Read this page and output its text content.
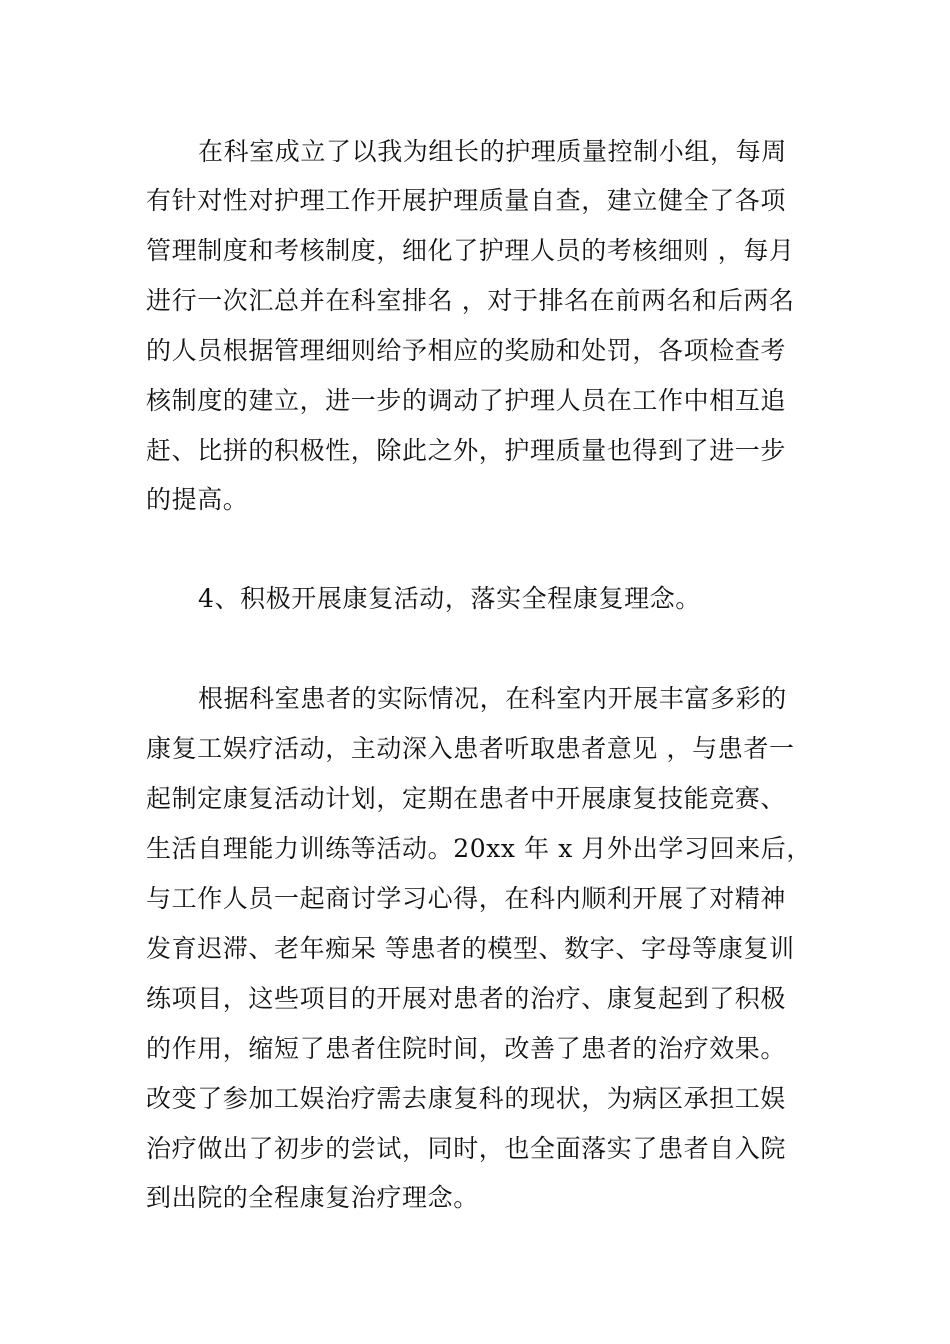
在科室成立了以我为组长的护理质量控制小组，每周
有针对性对护理工作开展护理质量自查，建立健全了各项
管理制度和考核制度，细化了护理人员的考核细则 ，每月
进行一次汇总并在科室排名 ，对于排名在前两名和后两名
的人员根据管理细则给予相应的奖励和处罚，各项检查考
核制度的建立，进一步的调动了护理人员在工作中相互追
赶、比拼的积极性，除此之外，护理质量也得到了进一步
的提高。
4、积极开展康复活动，落实全程康复理念。
根据科室患者的实际情况，在科室内开展丰富多彩的
康复工娱疗活动，主动深入患者听取患者意见 ，与患者一
起制定康复活动计划，定期在患者中开展康复技能竞赛、
生活自理能力训练等活动。20xx 年 x 月外出学习回来后，
与工作人员一起商讨学习心得，在科内顺利开展了对精神
发育迟滞、老年痴呆 等患者的模型、数字、字母等康复训
练项目，这些项目的开展对患者的治疗、康复起到了积极
的作用，缩短了患者住院时间，改善了患者的治疗效果。
改变了参加工娱治疗需去康复科的现状，为病区承担工娱
治疗做出了初步的尝试，同时，也全面落实了患者自入院
到出院的全程康复治疗理念。
